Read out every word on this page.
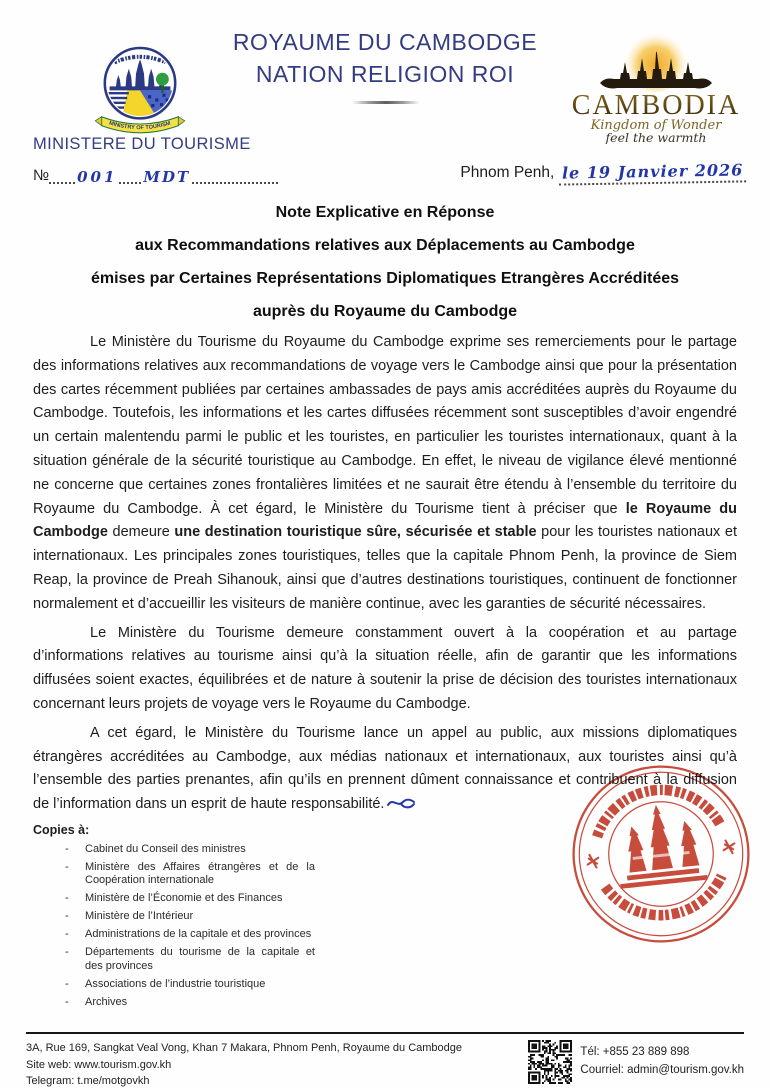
MINISTRY OF TOURISM
ROYAUME DU CAMBODGE
NATION RELIGION ROI
CAMBODIA
Kingdom of Wonder
feel the warmth
MINISTERE DU TOURISME
№ 001 MDT	Phnom Penh, le 19 Janvier 2026
Note Explicative en Réponse
aux Recommandations relatives aux Déplacements au Cambodge
émises par Certaines Représentations Diplomatiques Etrangères Accréditées
auprès du Royaume du Cambodge

Le Ministère du Tourisme du Royaume du Cambodge exprime ses remerciements pour le partage des informations relatives aux recommandations de voyage vers le Cambodge ainsi que pour la présentation des cartes récemment publiées par certaines ambassades de pays amis accréditées auprès du Royaume du Cambodge. Toutefois, les informations et les cartes diffusées récemment sont susceptibles d’avoir engendré un certain malentendu parmi le public et les touristes, en particulier les touristes internationaux, quant à la situation générale de la sécurité touristique au Cambodge. En effet, le niveau de vigilance élevé mentionné ne concerne que certaines zones frontalières limitées et ne saurait être étendu à l’ensemble du territoire du Royaume du Cambodge. À cet égard, le Ministère du Tourisme tient à préciser que le Royaume du Cambodge demeure une destination touristique sûre, sécurisée et stable pour les touristes nationaux et internationaux. Les principales zones touristiques, telles que la capitale Phnom Penh, la province de Siem Reap, la province de Preah Sihanouk, ainsi que d’autres destinations touristiques, continuent de fonctionner normalement et d’accueillir les visiteurs de manière continue, avec les garanties de sécurité nécessaires.

Le Ministère du Tourisme demeure constamment ouvert à la coopération et au partage d’informations relatives au tourisme ainsi qu’à la situation réelle, afin de garantir que les informations diffusées soient exactes, équilibrées et de nature à soutenir la prise de décision des touristes internationaux concernant leurs projets de voyage vers le Royaume du Cambodge.

A cet égard, le Ministère du Tourisme lance un appel au public, aux missions diplomatiques étrangères accréditées au Cambodge, aux médias nationaux et internationaux, aux touristes ainsi qu’à l’ensemble des parties prenantes, afin qu’ils en prennent dûment connaissance et contribuent à la diffusion de l’information dans un esprit de haute responsabilité.

Copies à:
- Cabinet du Conseil des ministres
- Ministère des Affaires étrangères et de la Coopération internationale
- Ministère de l’Économie et des Finances
- Ministère de l’Intérieur
- Administrations de la capitale et des provinces
- Départements du tourisme de la capitale et des provinces
- Associations de l’industrie touristique
- Archives
3A, Rue 169, Sangkat Veal Vong, Khan 7 Makara, Phnom Penh, Royaume du Cambodge
Site web: www.tourism.gov.kh
Telegram: t.me/motgovkh
Tél: +855 23 889 898
Courriel: admin@tourism.gov.kh
